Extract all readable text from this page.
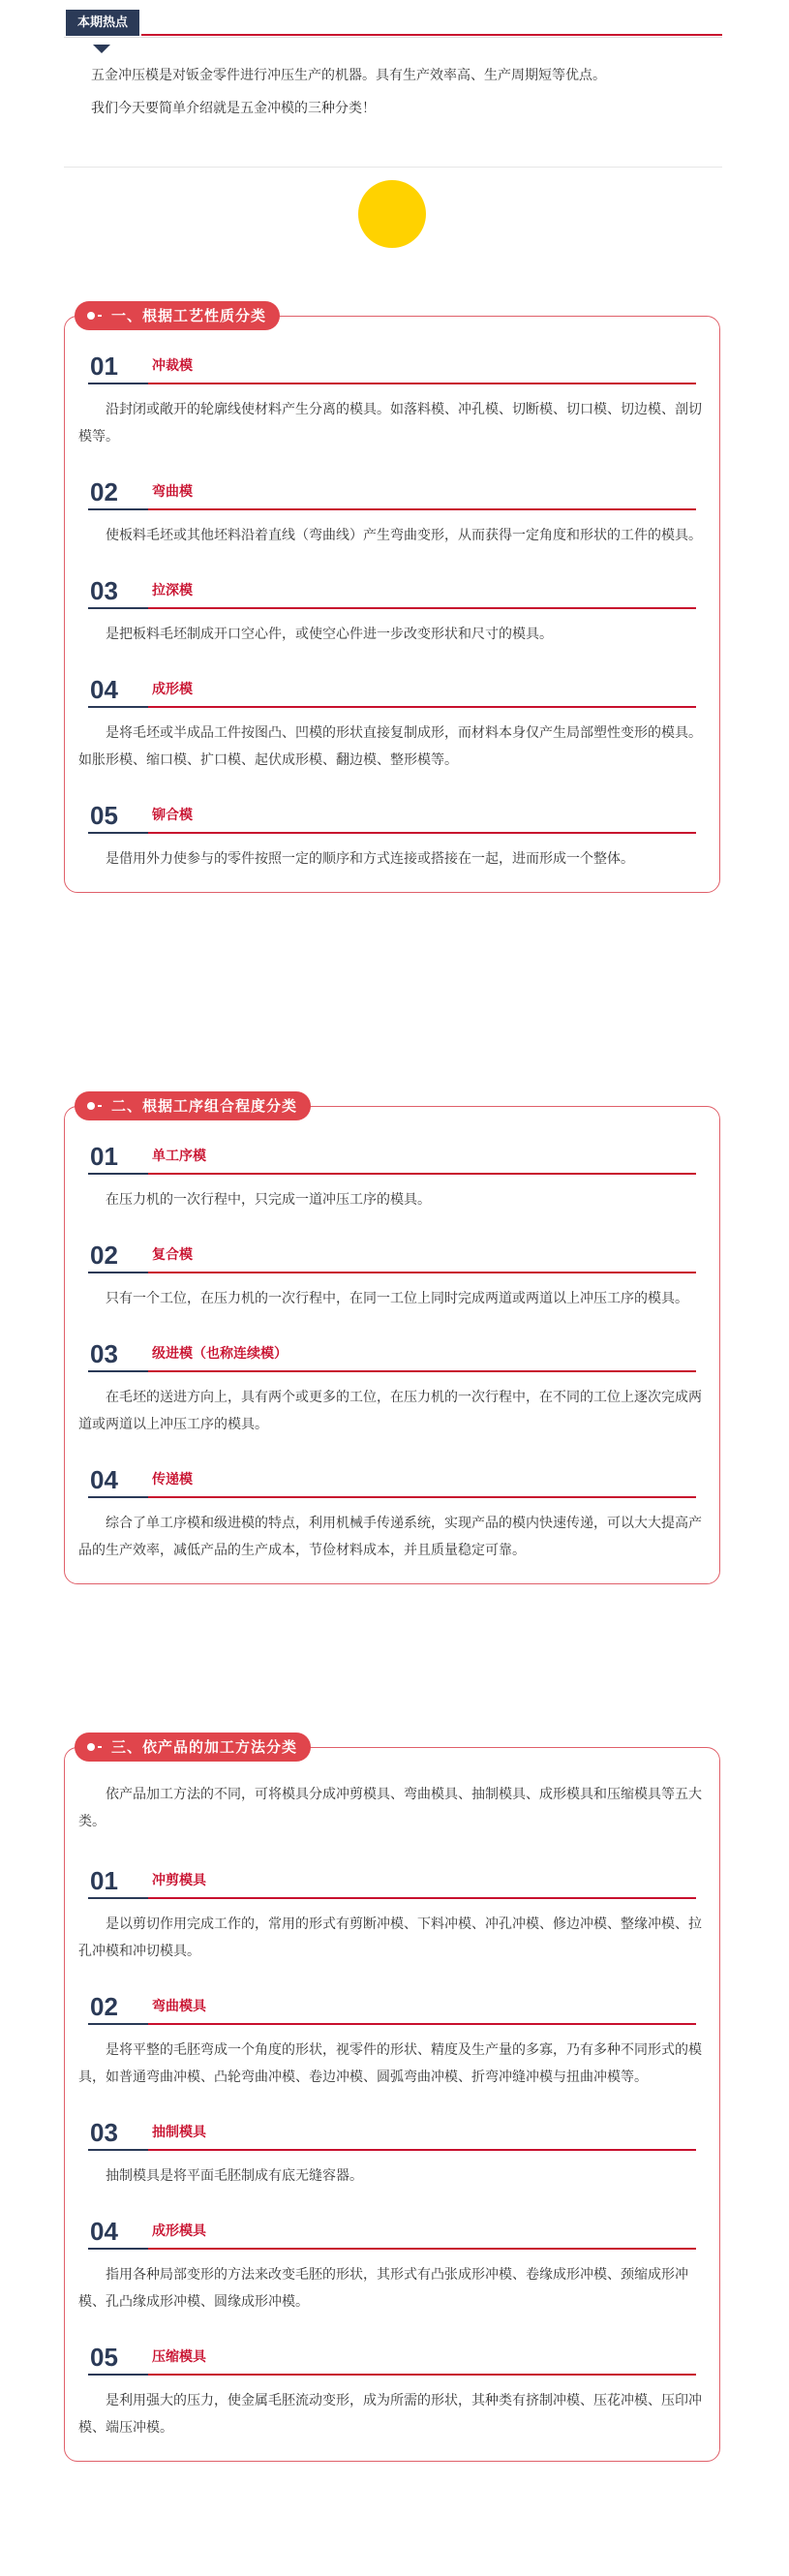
本期热点

五金冲压模是对钣金零件进行冲压生产的机器。具有生产效率高、生产周期短等优点。

我们今天要简单介绍就是五金冲模的三种分类！

一、根据工艺性质分类
01	冲裁模

沿封闭或敞开的轮廓线使材料产生分离的模具。如落料模、冲孔模、切断模、切口模、切边模、剖切模等。

02	弯曲模

使板料毛坯或其他坯料沿着直线（弯曲线）产生弯曲变形，从而获得一定角度和形状的工件的模具。

03	拉深模

是把板料毛坯制成开口空心件，或使空心件进一步改变形状和尺寸的模具。

04	成形模

是将毛坯或半成品工件按图凸、凹模的形状直接复制成形，而材料本身仅产生局部塑性变形的模具。如胀形模、缩口模、扩口模、起伏成形模、翻边模、整形模等。

05	铆合模

是借用外力使参与的零件按照一定的顺序和方式连接或搭接在一起，进而形成一个整体。

二、根据工序组合程度分类
01	单工序模

在压力机的一次行程中，只完成一道冲压工序的模具。

02	复合模

只有一个工位，在压力机的一次行程中，在同一工位上同时完成两道或两道以上冲压工序的模具。

03	级进模（也称连续模）

在毛坯的送进方向上，具有两个或更多的工位，在压力机的一次行程中，在不同的工位上逐次完成两道或两道以上冲压工序的模具。

04	传递模

综合了单工序模和级进模的特点，利用机械手传递系统，实现产品的模内快速传递，可以大大提高产品的生产效率，减低产品的生产成本，节俭材料成本，并且质量稳定可靠。

三、依产品的加工方法分类

依产品加工方法的不同，可将模具分成冲剪模具、弯曲模具、抽制模具、成形模具和压缩模具等五大类。

01	冲剪模具

是以剪切作用完成工作的，常用的形式有剪断冲模、下料冲模、冲孔冲模、修边冲模、整缘冲模、拉孔冲模和冲切模具。

02	弯曲模具

是将平整的毛胚弯成一个角度的形状，视零件的形状、精度及生产量的多寡，乃有多种不同形式的模具，如普通弯曲冲模、凸轮弯曲冲模、卷边冲模、圆弧弯曲冲模、折弯冲缝冲模与扭曲冲模等。

03	抽制模具

抽制模具是将平面毛胚制成有底无缝容器。

04	成形模具

指用各种局部变形的方法来改变毛胚的形状，其形式有凸张成形冲模、卷缘成形冲模、颈缩成形冲模、孔凸缘成形冲模、圆缘成形冲模。

05	压缩模具

是利用强大的压力，使金属毛胚流动变形，成为所需的形状，其种类有挤制冲模、压花冲模、压印冲模、端压冲模。
